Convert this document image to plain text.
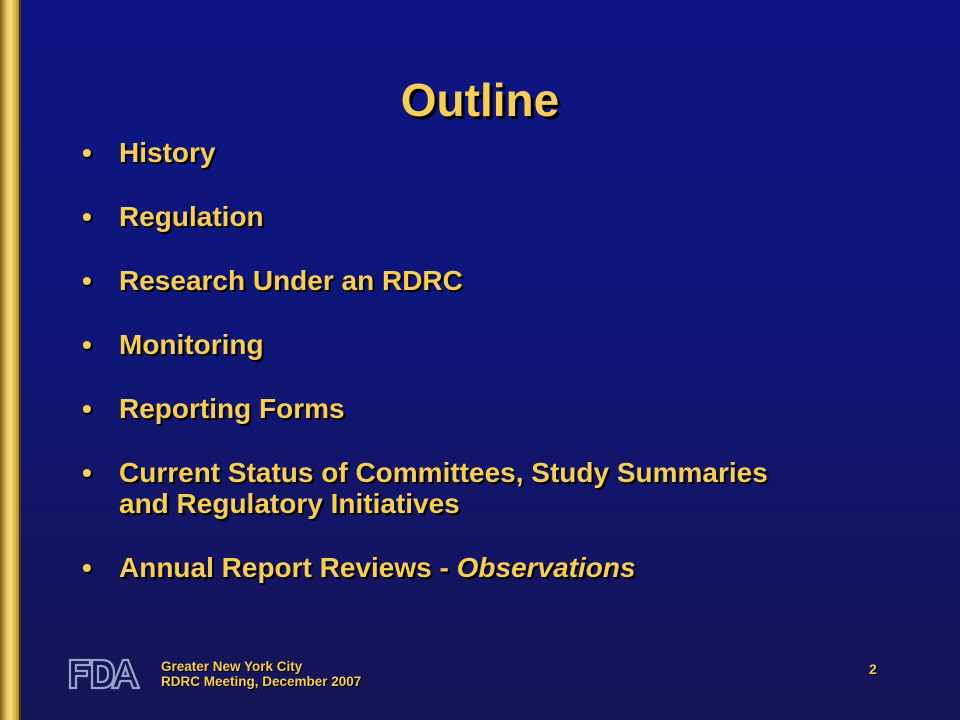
Outline
• History
• Regulation
• Research Under an RDRC
• Monitoring
• Reporting Forms
• Current Status of Committees, Study Summaries
and Regulatory Initiatives
• Annual Report Reviews - Observations
Greater New York City
RDRC Meeting, December 2007
2
